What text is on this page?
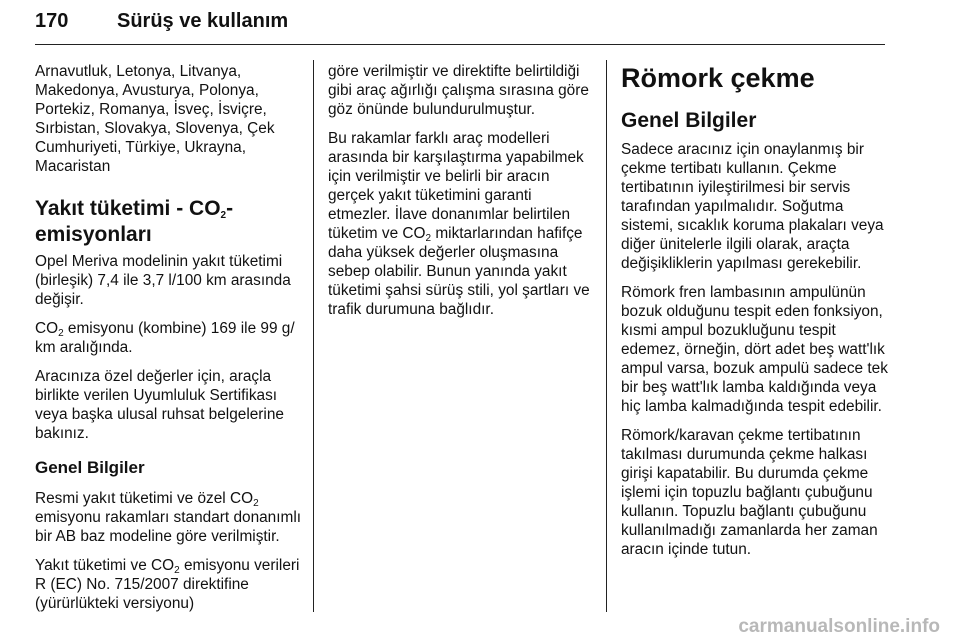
170 Sürüş ve kullanım

Arnavutluk, Letonya, Litvanya, Makedonya, Avusturya, Polonya, Portekiz, Romanya, İsveç, İsviçre, Sırbistan, Slovakya, Slovenya, Çek Cumhuriyeti, Türkiye, Ukrayna, Macaristan

Yakıt tüketimi - $CO_2-$
emisyonları

Opel Meriva modelinin yakıt tüketimi (birleşik) 7,4 ile 3,7 l/100 km arasında değişir.

$CO_2$ emisyonu (kombine) 169 ile 99 g/ km aralığında.

Aracınıza özel değerler için, araçla birlikte verilen Uyumluluk Sertifikası veya başka ulusal ruhsat belgelerine bakınız.

Genel Bilgiler

Resmi yakıt tüketimi ve özel $CO_2$ emisyonu rakamları standart donanımlı bir AB baz modeline göre verilmiştir.

Yakıt tüketimi ve $CO_2$ emisyonu verileri R (EC) No. 715/2007 direktifine (yürürlükteki versiyonu)

göre verilmiştir ve direktifte belirtildiği gibi araç ağırlığı çalışma sırasına göre göz önünde bulundurulmuştur.

Bu rakamlar farklı araç modelleri arasında bir karşılaştırma yapabilmek için verilmiştir ve belirli bir aracın gerçek yakıt tüketimini garanti etmezler. İlave donanımlar belirtilen tüketim ve $CO_2$ miktarlarından hafifçe daha yüksek değerler oluşmasına sebep olabilir. Bunun yanında yakıt tüketimi şahsi sürüş stili, yol şartları ve trafik durumuna bağlıdır.

Römork çekme
Genel Bilgiler

Sadece aracınız için onaylanmış bir çekme tertibatı kullanın. Çekme tertibatının iyileştirilmesi bir servis tarafından yapılmalıdır. Soğutma sistemi, sıcaklık koruma plakaları veya diğer ünitelerle ilgili olarak, araçta değişikliklerin yapılması gerekebilir.

Römork fren lambasının ampulünün bozuk olduğunu tespit eden fonksiyon, kısmi ampul bozukluğunu tespit edemez, örneğin, dört adet beş watt'lık ampul varsa, bozuk ampulü sadece tek bir beş watt'lık lamba kaldığında veya hiç lamba kalmadığında tespit edebilir.

Römork/karavan çekme tertibatının takılması durumunda çekme halkası girişi kapatabilir. Bu durumda çekme işlemi için topuzlu bağlantı çubuğunu kullanın. Topuzlu bağlantı çubuğunu kullanılmadığı zamanlarda her zaman aracın içinde tutun.

carmanualsonline.info
